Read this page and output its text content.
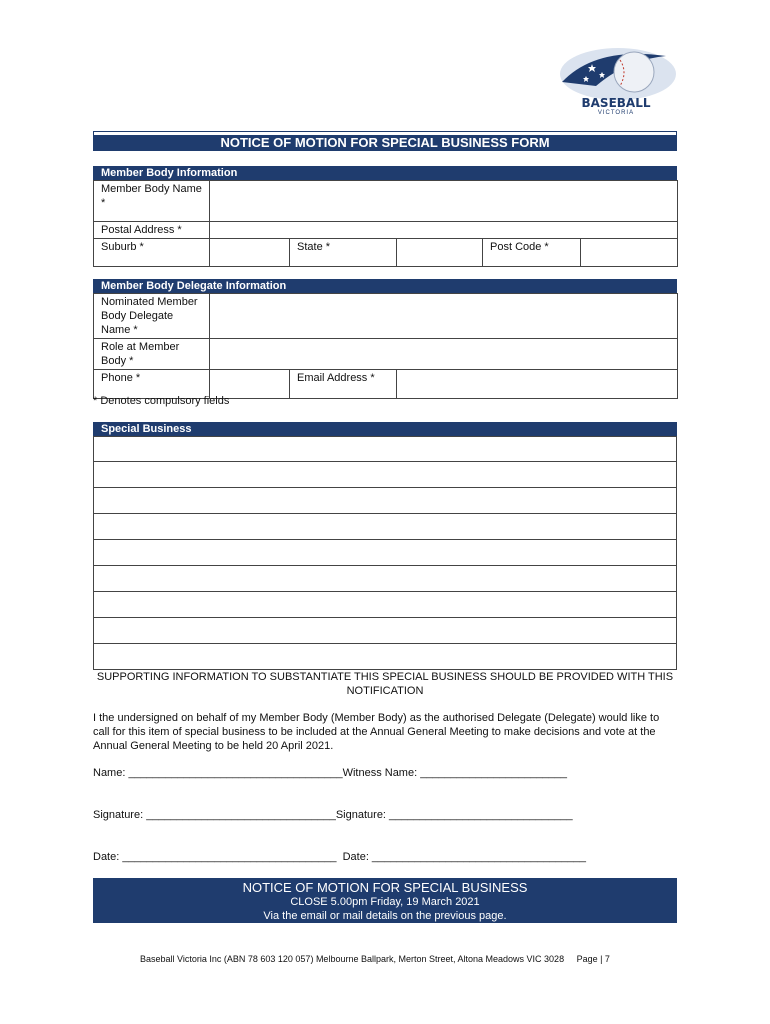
BASEBALL
VICTORIA
NOTICE OF MOTION FOR SPECIAL BUSINESS FORM
Member Body Information
Member Body Name *					
Postal Address *					
Suburb *		State *		Post Code *	
Member Body Delegate Information
Nominated Member Body Delegate Name *			
Role at Member Body *			
Phone *		Email Address *	
* Denotes compulsory fields
Special Business
SUPPORTING INFORMATION TO SUBSTANTIATE THIS SPECIAL BUSINESS SHOULD BE PROVIDED WITH THIS NOTIFICATION
I the undersigned on behalf of my Member Body (Member Body) as the authorised Delegate (Delegate) would like to call for this item of special business to be included at the Annual General Meeting to make decisions and vote at the Annual General Meeting to be held 20 April 2021.
Name: ___________________________________Witness Name: ________________________
Signature: _______________________________Signature: ______________________________
Date: ___________________________________  Date: ___________________________________
NOTICE OF MOTION FOR SPECIAL BUSINESS
CLOSE 5.00pm Friday, 19 March 2021
Via the email or mail details on the previous page.
Baseball Victoria Inc (ABN 78 603 120 057) Melbourne Ballpark, Merton Street, Altona Meadows VIC 3028     Page | 7
